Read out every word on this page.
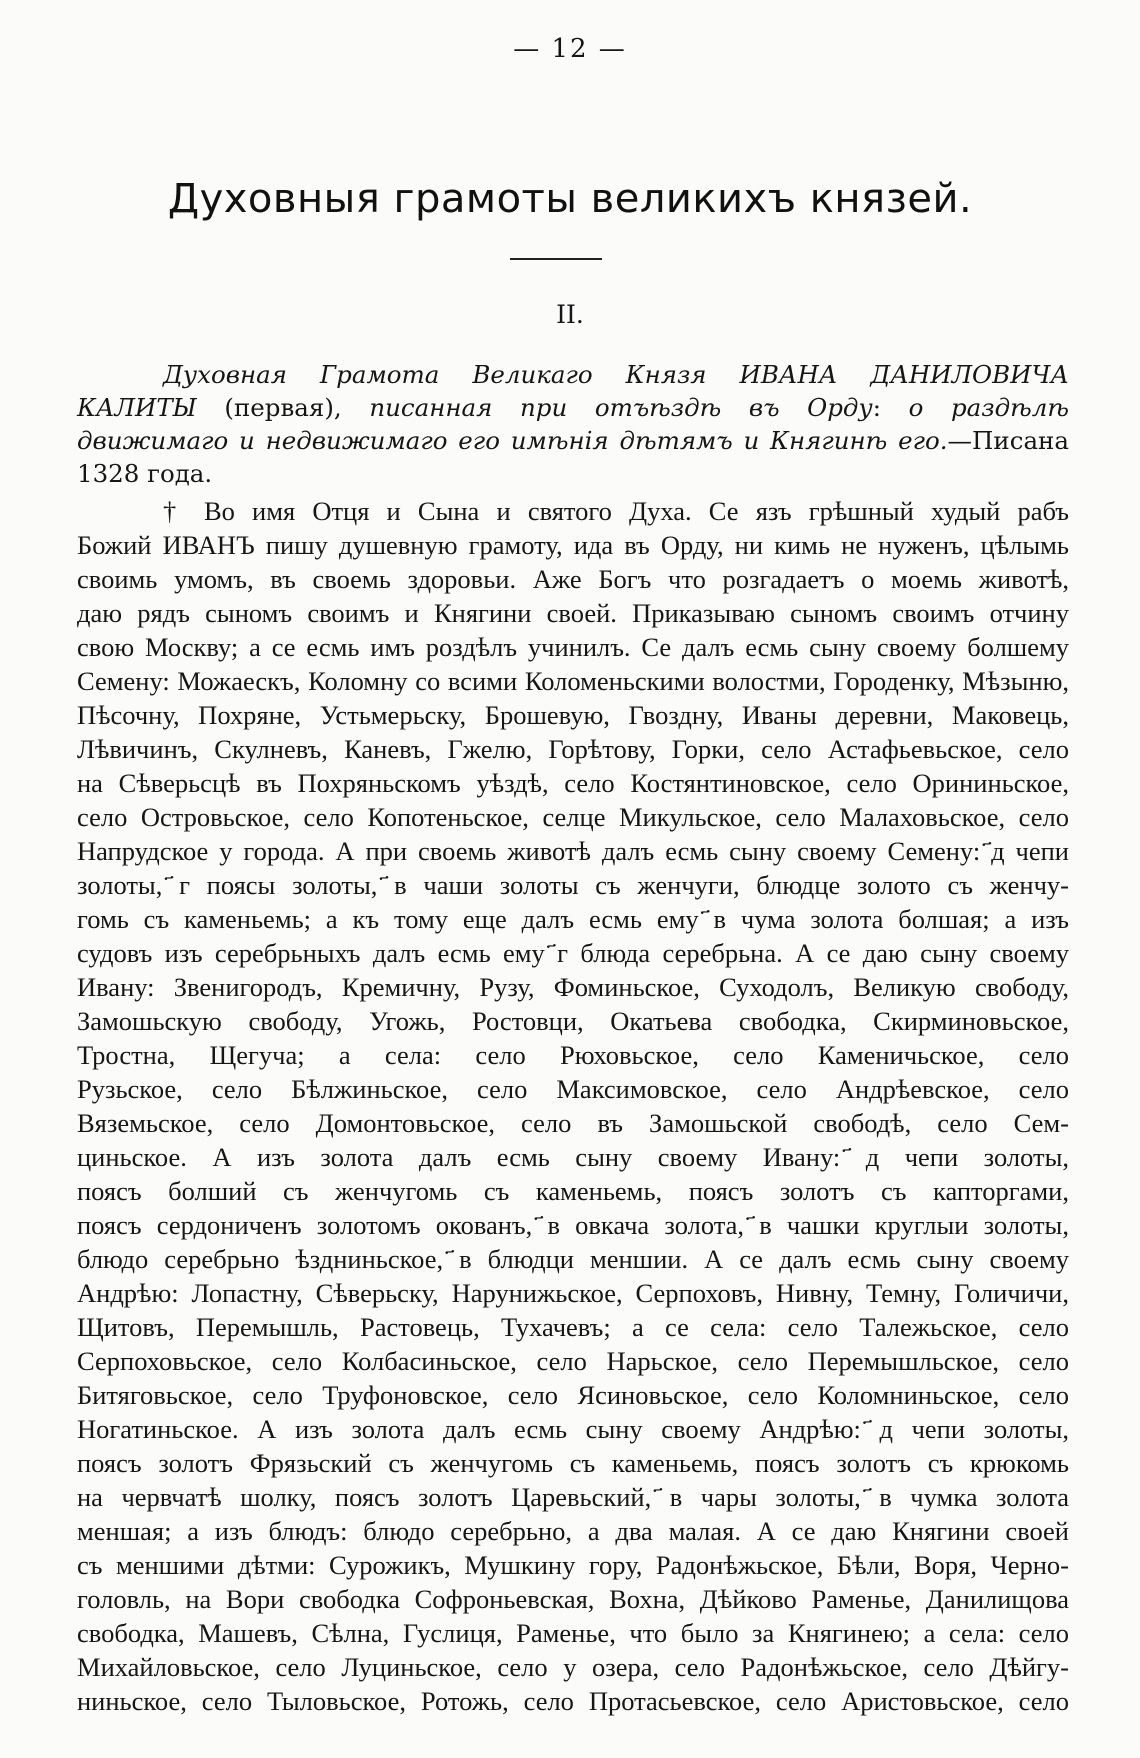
— 12 —
Духовныя грамоты великихъ князей.
II.
Духовная Грамота Великаго Князя ИВАНА ДАНИЛОВИЧА КАЛИТЫ (первая), писанная при отъѣздѣ въ Орду: о раздѣлѣ движимаго и недвижимаго его имѣнія дѣтямъ и Княгинѣ его.—Писана 1328 года.
† Во имя Отця и Сына и святого Духа. Се язъ грѣшный худый рабъ
Божий ИВАНЪ пишу душевную грамоту, ида въ Орду, ни кимь не нуженъ, цѣлымь
своимь умомъ, въ своемь здоровьи. Аже Богъ что розгадаетъ о моемь животѣ,
даю рядъ сыномъ своимъ и Княгини своей. Приказываю сыномъ своимъ отчину
свою Москву; а се есмь имъ роздѣлъ учинилъ. Се далъ есмь сыну своему болшему
Семену: Можаескъ, Коломну со всими Коломеньскими волостми, Городенку, Мѣзыню,
Пѣсочну, Похряне, Устьмерьску, Брошевую, Гвоздну, Иваны деревни, Маковець,
Лѣвичинъ, Скулневъ, Каневъ, Гжелю, Горѣтову, Горки, село Астафьевьское, село
на Сѣверьсцѣ въ Похряньскомъ уѣздѣ, село Костянтиновское, село Орининьское,
село Островьское, село Копотеньское, селце Микульское, село Малаховьское, село
Напрудское у города. А при своемь животѣ далъ есмь сыну своему Семену: ҃д чепи
золоты, ҃г поясы золоты, ҃в чаши золоты съ женчуги, блюдце золото съ женчу-
гомь съ каменьемь; а къ тому еще далъ есмь ему ҃в чума золота болшая; а изъ
судовъ изъ серебрьныхъ далъ есмь ему ҃г блюда серебрьна. А се даю сыну своему
Ивану: Звенигородъ, Кремичну, Рузу, Фоминьское, Суходолъ, Великую свободу,
Замошьскую свободу, Угожь, Ростовци, Окатьева свободка, Скирминовьское,
Тростна, Щегуча; а села: село Рюховьское, село Каменичьское, село
Рузьское, село Бѣлжиньское, село Максимовское, село Андрѣевское, село
Вяземьское, село Домонтовьское, село въ Замошьской свободѣ, село Сем-
циньское. А изъ золота далъ есмь сыну своему Ивану: ҃д чепи золоты,
поясъ болший съ женчугомь съ каменьемь, поясъ золотъ съ капторгами,
поясъ сердониченъ золотомъ окованъ, ҃в овкача золота, ҃в чашки круглыи золоты,
блюдо серебрьно ѣздниньское, ҃в блюдци меншии. А се далъ есмь сыну своему
Андрѣю: Лопастну, Сѣверьску, Нарунижьское, Серпоховъ, Нивну, Темну, Голичичи,
Щитовъ, Перемышль, Растовець, Тухачевъ; а се села: село Талежьское, село
Серпоховьское, село Колбасиньское, село Нарьское, село Перемышльское, село
Битяговьское, село Труфоновское, село Ясиновьское, село Коломниньское, село
Ногатиньское. А изъ золота далъ есмь сыну своему Андрѣю: ҃д чепи золоты,
поясъ золотъ Фрязьский съ женчугомь съ каменьемь, поясъ золотъ съ крюкомь
на червчатѣ шолку, поясъ золотъ Царевьский, ҃в чары золоты, ҃в чумка золота
меншая; а изъ блюдъ: блюдо серебрьно, а два малая. А се даю Княгини своей
съ меншими дѣтми: Сурожикъ, Мушкину гору, Радонѣжьское, Бѣли, Воря, Черно-
головль, на Вори свободка Софроньевская, Вохна, Дѣйково Раменье, Данилищова
свободка, Машевъ, Сѣлна, Гуслиця, Раменье, что было за Княгинею; а села: село
Михайловьское, село Луциньское, село у озера, село Радонѣжьское, село Дѣйгу-
ниньское, село Тыловьское, Ротожь, село Протасьевское, село Аристовьское, село
